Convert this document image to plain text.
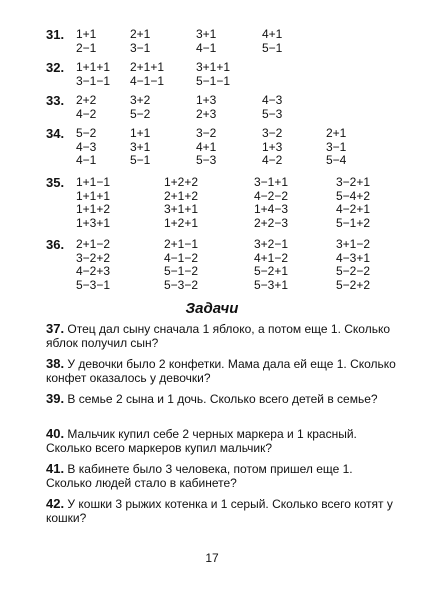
31. 1+1
2−1
2+1
3−1
3+1
4−1
4+1
5−1
32. 1+1+1
3−1−1
2+1+1
4−1−1
3+1+1
5−1−1
33. 2+2
4−2
3+2
5−2
1+3
2+3
4−3
5−3
34. 5−2
4−3
4−1
1+1
3+1
5−1
3−2
4+1
5−3
3−2
1+3
4−2
2+1
3−1
5−4
35. 1+1−1
1+1+1
1+1+2
1+3+1
1+2+2
2+1+2
3+1+1
1+2+1
3−1+1
4−2−2
1+4−3
2+2−3
3−2+1
5−4+2
4−2+1
5−1+2
36. 2+1−2
3−2+2
4−2+3
5−3−1
2+1−1
4−1−2
5−1−2
5−3−2
3+2−1
4+1−2
5−2+1
5−3+1
3+1−2
4−3+1
5−2−2
5−2+2
Задачи
37. Отец дал сыну сначала 1 яблоко, а потом еще 1. Сколько яблок получил сын?
38. У девочки было 2 конфетки. Мама дала ей еще 1. Сколько конфет оказалось у девочки?
39. В семье 2 сына и 1 дочь. Сколько всего детей в семье?
40. Мальчик купил себе 2 черных маркера и 1 красный. Сколько всего маркеров купил мальчик?
41. В кабинете было 3 человека, потом пришел еще 1. Сколько людей стало в кабинете?
42. У кошки 3 рыжих котенка и 1 серый. Сколько всего котят у кошки?
17
